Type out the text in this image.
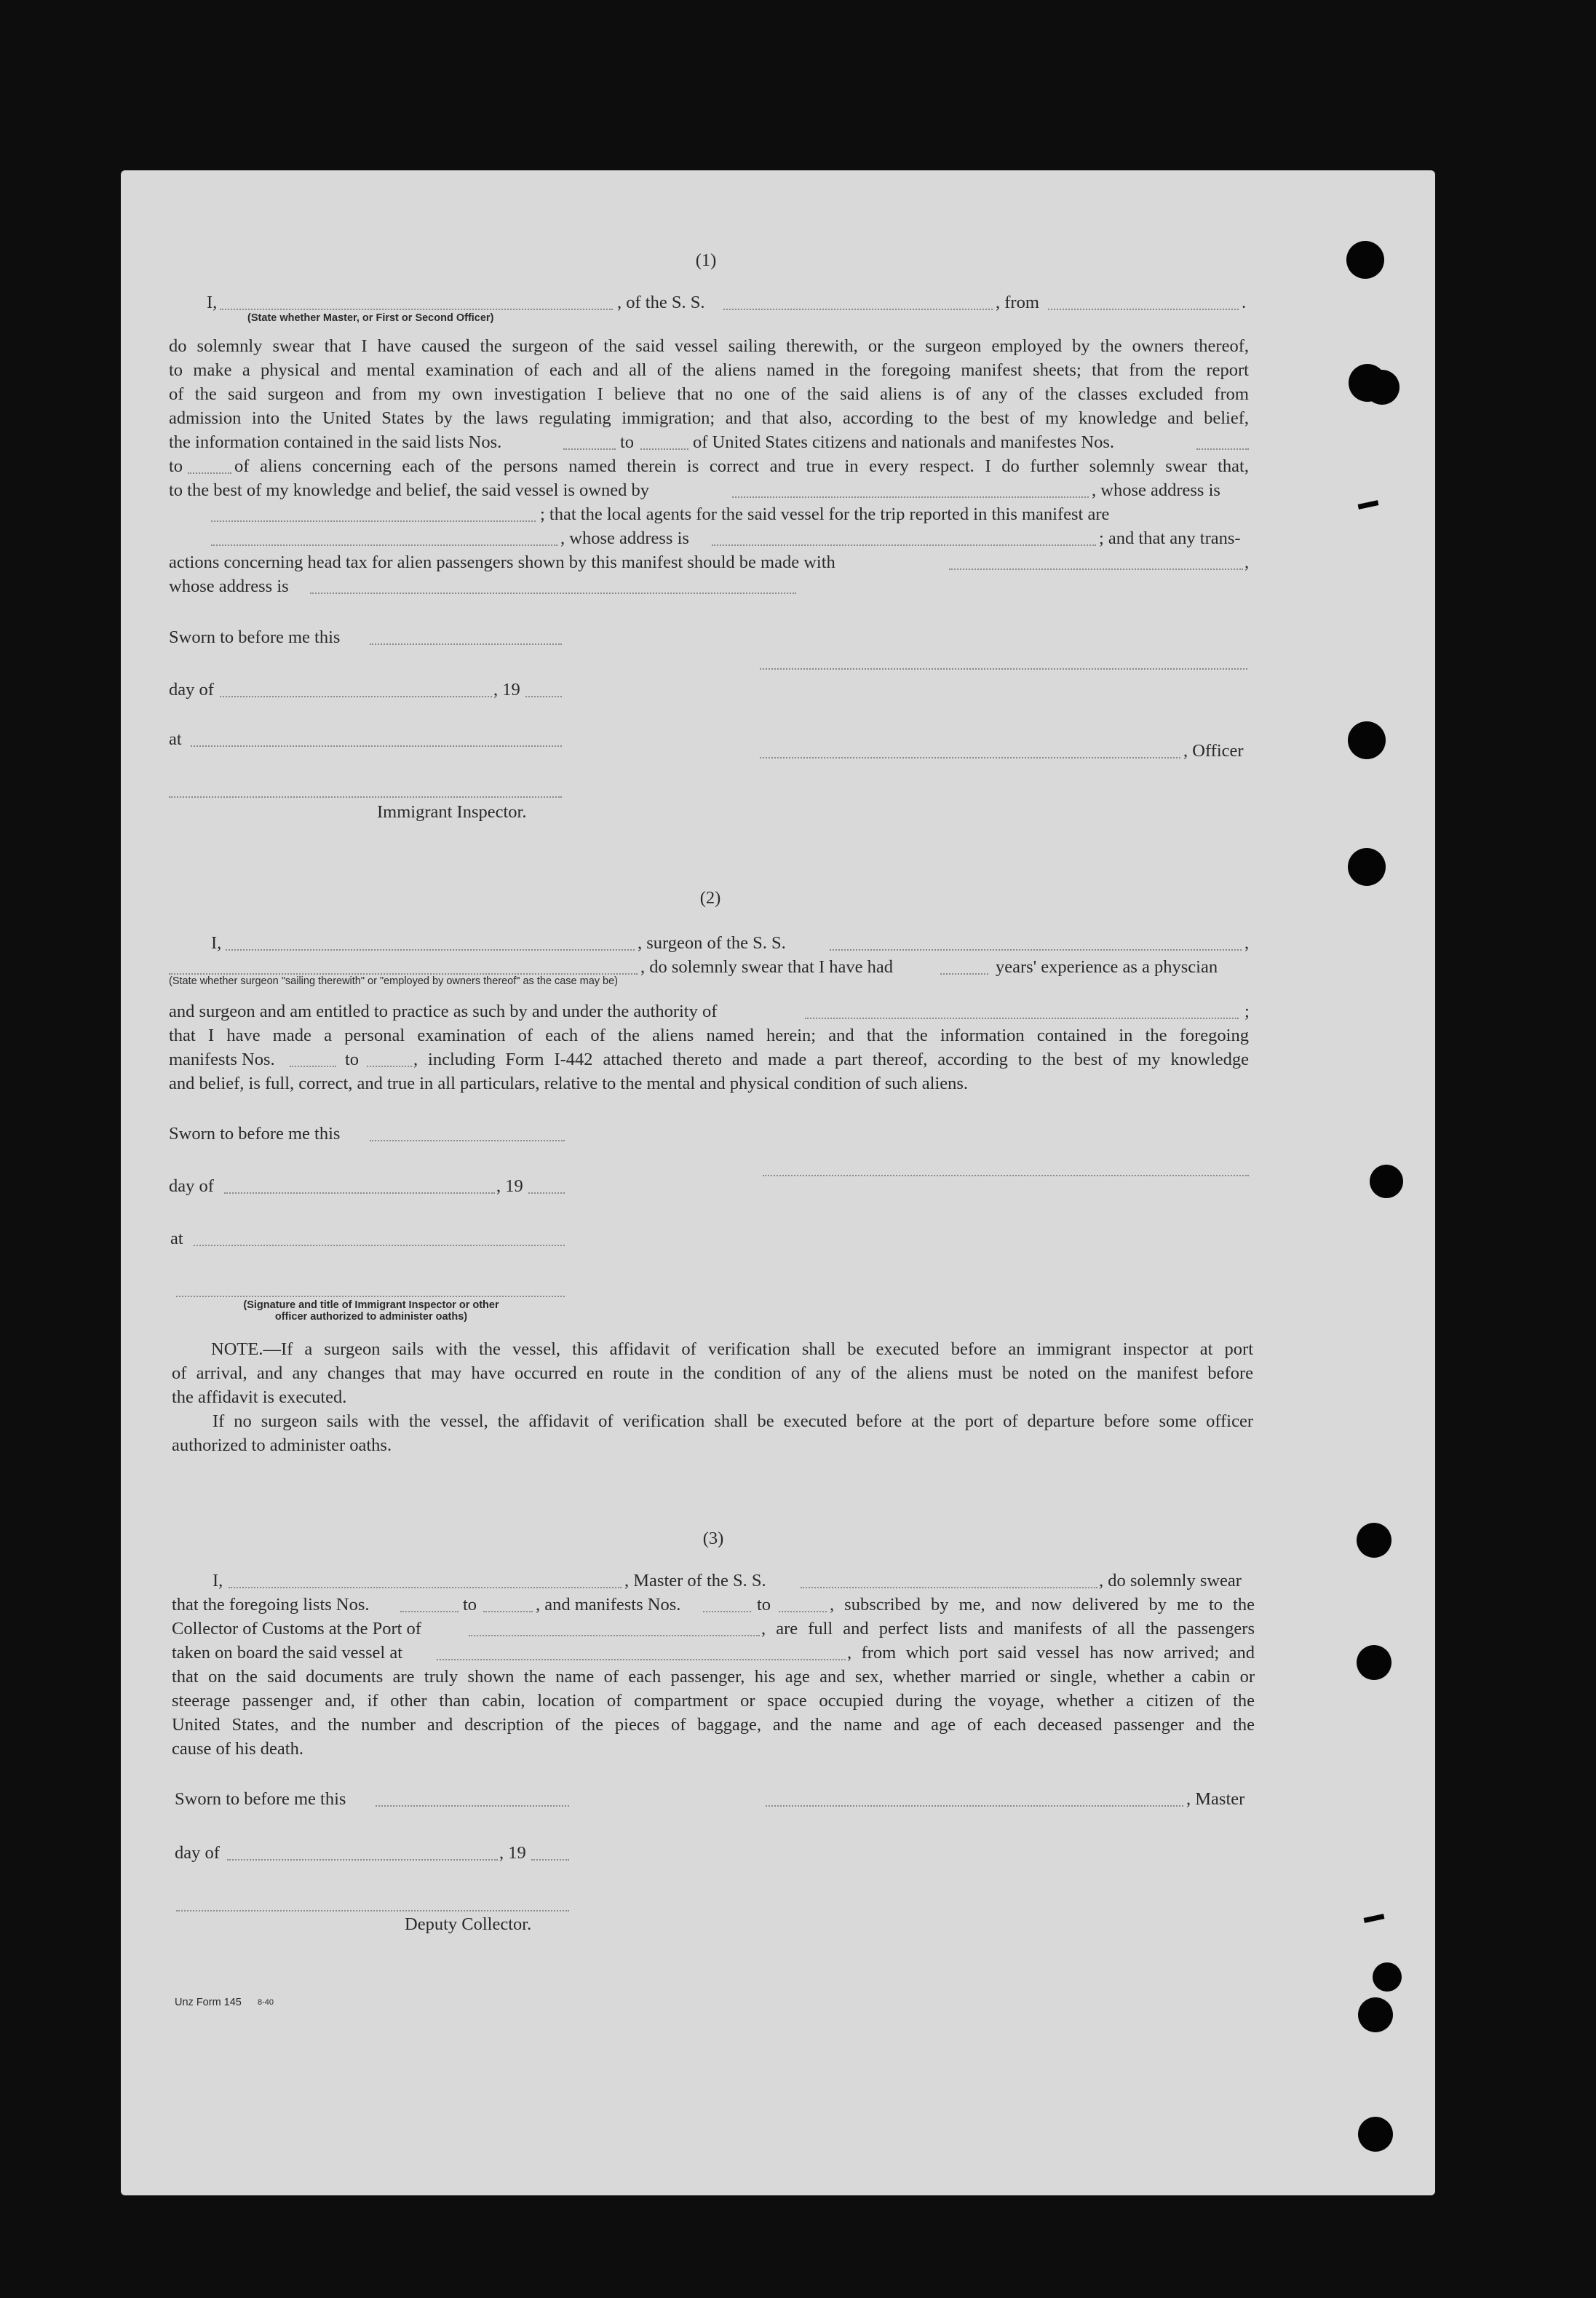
(1)
I,	, of the S. S.	, from	.
(State whether Master, or First or Second Officer)
do solemnly swear that I have caused the surgeon of the said vessel sailing therewith, or the surgeon employed by the owners thereof,
to make a physical and mental examination of each and all of the aliens named in the foregoing manifest sheets; that from the report
of the said surgeon and from my own investigation I believe that no one of the said aliens is of any of the classes excluded from
admission into the United States by the laws regulating immigration; and that also, according to the best of my knowledge and belief,
the information contained in the said lists Nos.	to	of United States citizens and nationals and manifestes Nos.
to	of aliens concerning each of the persons named therein is correct and true in every respect. I do further solemnly swear that,
to the best of my knowledge and belief, the said vessel is owned by	, whose address is
; that the local agents for the said vessel for the trip reported in this manifest are
, whose address is	; and that any trans-
actions concerning head tax for alien passengers shown by this manifest should be made with	,
whose address is
Sworn to before me this
day of	, 19
at
, Officer
Immigrant Inspector.
(2)
I,	, surgeon of the S. S.	,
, do solemnly swear that I have had	years' experience as a physcian
(State whether surgeon "sailing therewith" or "employed by owners thereof" as the case may be)
and surgeon and am entitled to practice as such by and under the authority of	;
that I have made a personal examination of each of the aliens named herein; and that the information contained in the foregoing
manifests Nos.	to	, including Form I-442 attached thereto and made a part thereof, according to the best of my knowledge
and belief, is full, correct, and true in all particulars, relative to the mental and physical condition of such aliens.
Sworn to before me this
day of	, 19
at
(Signature and title of Immigrant Inspector or other
officer authorized to administer oaths)
NOTE.—If a surgeon sails with the vessel, this affidavit of verification shall be executed before an immigrant inspector at port
of arrival, and any changes that may have occurred en route in the condition of any of the aliens must be noted on the manifest before
the affidavit is executed.
If no surgeon sails with the vessel, the affidavit of verification shall be executed before at the port of departure before some officer
authorized to administer oaths.
(3)
I,	, Master of the S. S.	, do solemnly swear
that the foregoing lists Nos.	to	, and manifests Nos.	to	, subscribed by me, and now delivered by me to the
Collector of Customs at the Port of	, are full and perfect lists and manifests of all the passengers
taken on board the said vessel at	, from which port said vessel has now arrived; and
that on the said documents are truly shown the name of each passenger, his age and sex, whether married or single, whether a cabin or
steerage passenger and, if other than cabin, location of compartment or space occupied during the voyage, whether a citizen of the
United States, and the number and description of the pieces of baggage, and the name and age of each deceased passenger and the
cause of his death.
Sworn to before me this	, Master
day of	, 19
Deputy Collector.
Unz Form 145 8-40
